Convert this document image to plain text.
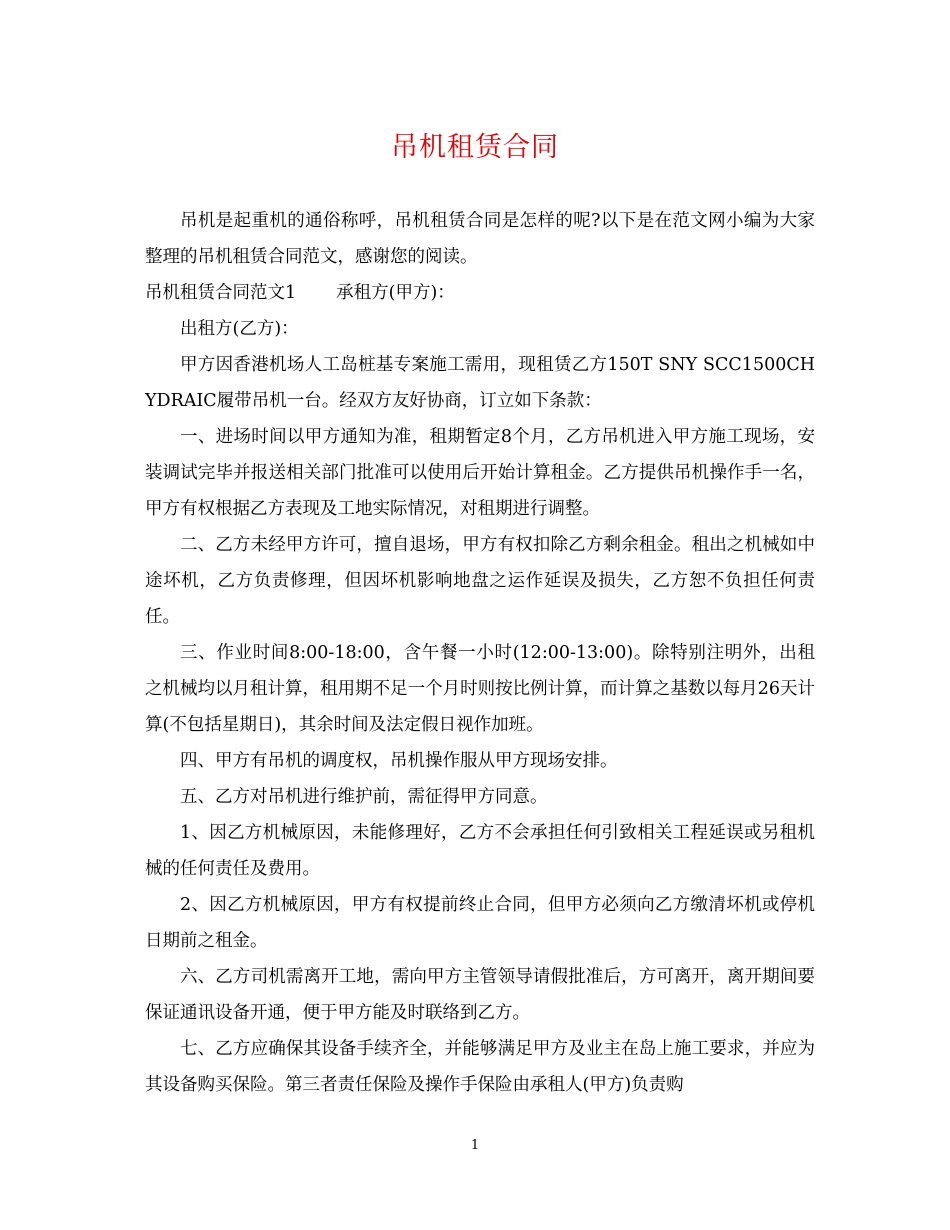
吊机租赁合同

吊机是起重机的通俗称呼，吊机租赁合同是怎样的呢?以下是在范文网小编为大家整理的吊机租赁合同范文，感谢您的阅读。

吊机租赁合同范文1 承租方(甲方)：

出租方(乙方)：

甲方因香港机场人工岛桩基专案施工需用，现租赁乙方150T SNY SCC1500CHYDRAIC履带吊机一台。经双方友好协商，订立如下条款：

一、进场时间以甲方通知为准，租期暂定8个月，乙方吊机进入甲方施工现场，安装调试完毕并报送相关部门批准可以使用后开始计算租金。乙方提供吊机操作手一名，甲方有权根据乙方表现及工地实际情况，对租期进行调整。

二、乙方未经甲方许可，擅自退场，甲方有权扣除乙方剩余租金。租出之机械如中途坏机，乙方负责修理，但因坏机影响地盘之运作延误及损失，乙方恕不负担任何责任。

三、作业时间8:00-18:00，含午餐一小时(12:00-13:00)。除特别注明外，出租之机械均以月租计算，租用期不足一个月时则按比例计算，而计算之基数以每月26天计算(不包括星期日)，其余时间及法定假日视作加班。

四、甲方有吊机的调度权，吊机操作服从甲方现场安排。

五、乙方对吊机进行维护前，需征得甲方同意。

1、因乙方机械原因，未能修理好，乙方不会承担任何引致相关工程延误或另租机械的任何责任及费用。

2、因乙方机械原因，甲方有权提前终止合同，但甲方必须向乙方缴清坏机或停机日期前之租金。

六、乙方司机需离开工地，需向甲方主管领导请假批准后，方可离开，离开期间要保证通讯设备开通，便于甲方能及时联络到乙方。

七、乙方应确保其设备手续齐全，并能够满足甲方及业主在岛上施工要求，并应为其设备购买保险。第三者责任保险及操作手保险由承租人(甲方)负责购

1
